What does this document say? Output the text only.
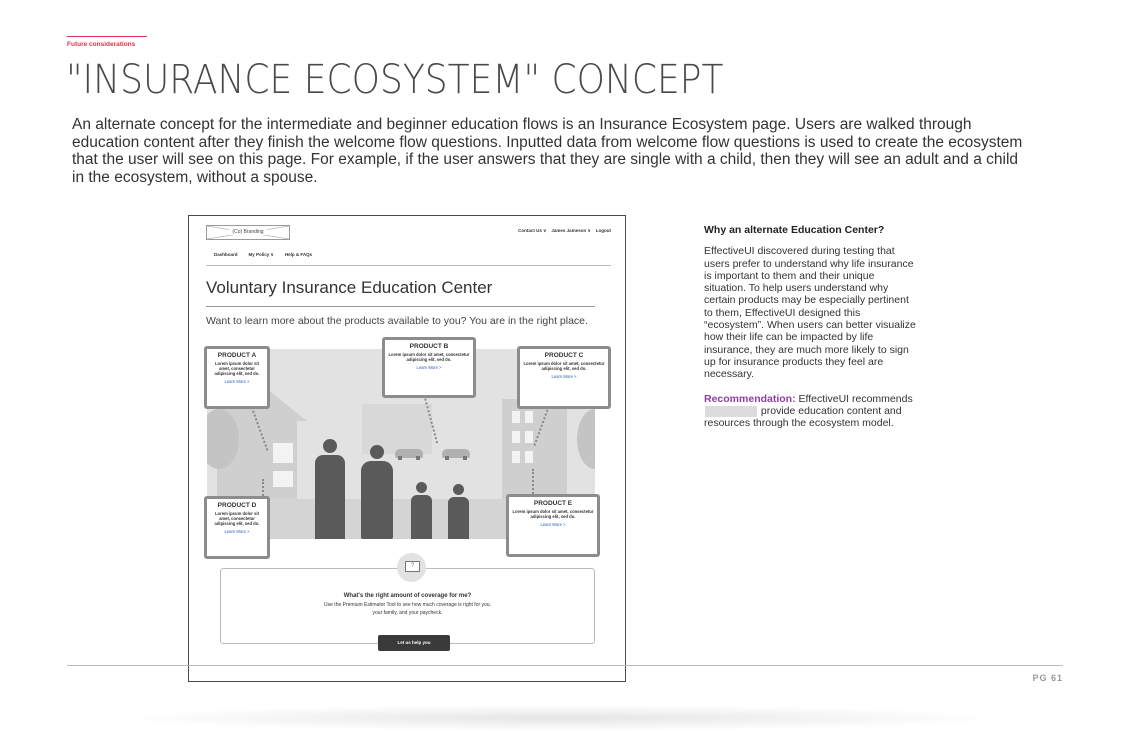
Future considerations
"INSURANCE ECOSYSTEM" CONCEPT
An alternate concept for the intermediate and beginner education flows is an Insurance Ecosystem page. Users are walked through education content after they finish the welcome flow questions. Inputted data from welcome flow questions is used to create the ecosystem that the user will see on this page. For example, if the user answers that they are single with a child, then they will see an adult and a child in the ecosystem, without a spouse.
(Co) Branding	Contact Us ∨ James Jameson ∨ Logout
Dashboard My Policy ∨ Help & FAQs
Voluntary Insurance Education Center
Want to learn more about the products available to you? You are in the right place.
PRODUCT A
Lorem ipsum dolor sit amet, consectetur adipiscing elit, sed do.
Learn More >
PRODUCT B
Lorem ipsum dolor sit amet, consectetur adipiscing elit, sed do.
Learn More >
PRODUCT C
Lorem ipsum dolor sit amet, consectetur adipiscing elit, sed do.
Learn More >
PRODUCT D
Lorem ipsum dolor sit amet, consectetur adipiscing elit, sed do.
Learn More >
PRODUCT E
Lorem ipsum dolor sit amet, consectetur adipiscing elit, sed do.
Learn More >
What's the right amount of coverage for me?
Use the Premium Estimator Tool to see how much coverage is right for you,
your family, and your paycheck.
?
Let us help you
Why an alternate Education Center?

EffectiveUI discovered during testing that users prefer to understand why life insurance is important to them and their unique situation. To help users understand why certain products may be especially pertinent to them, EffectiveUI designed this “ecosystem”. When users can better visualize how their life can be impacted by life insurance, they are much more likely to sign up for insurance products they feel are necessary.

Recommendation: EffectiveUI recommends  provide education content and resources through the ecosystem model.

PG 61
